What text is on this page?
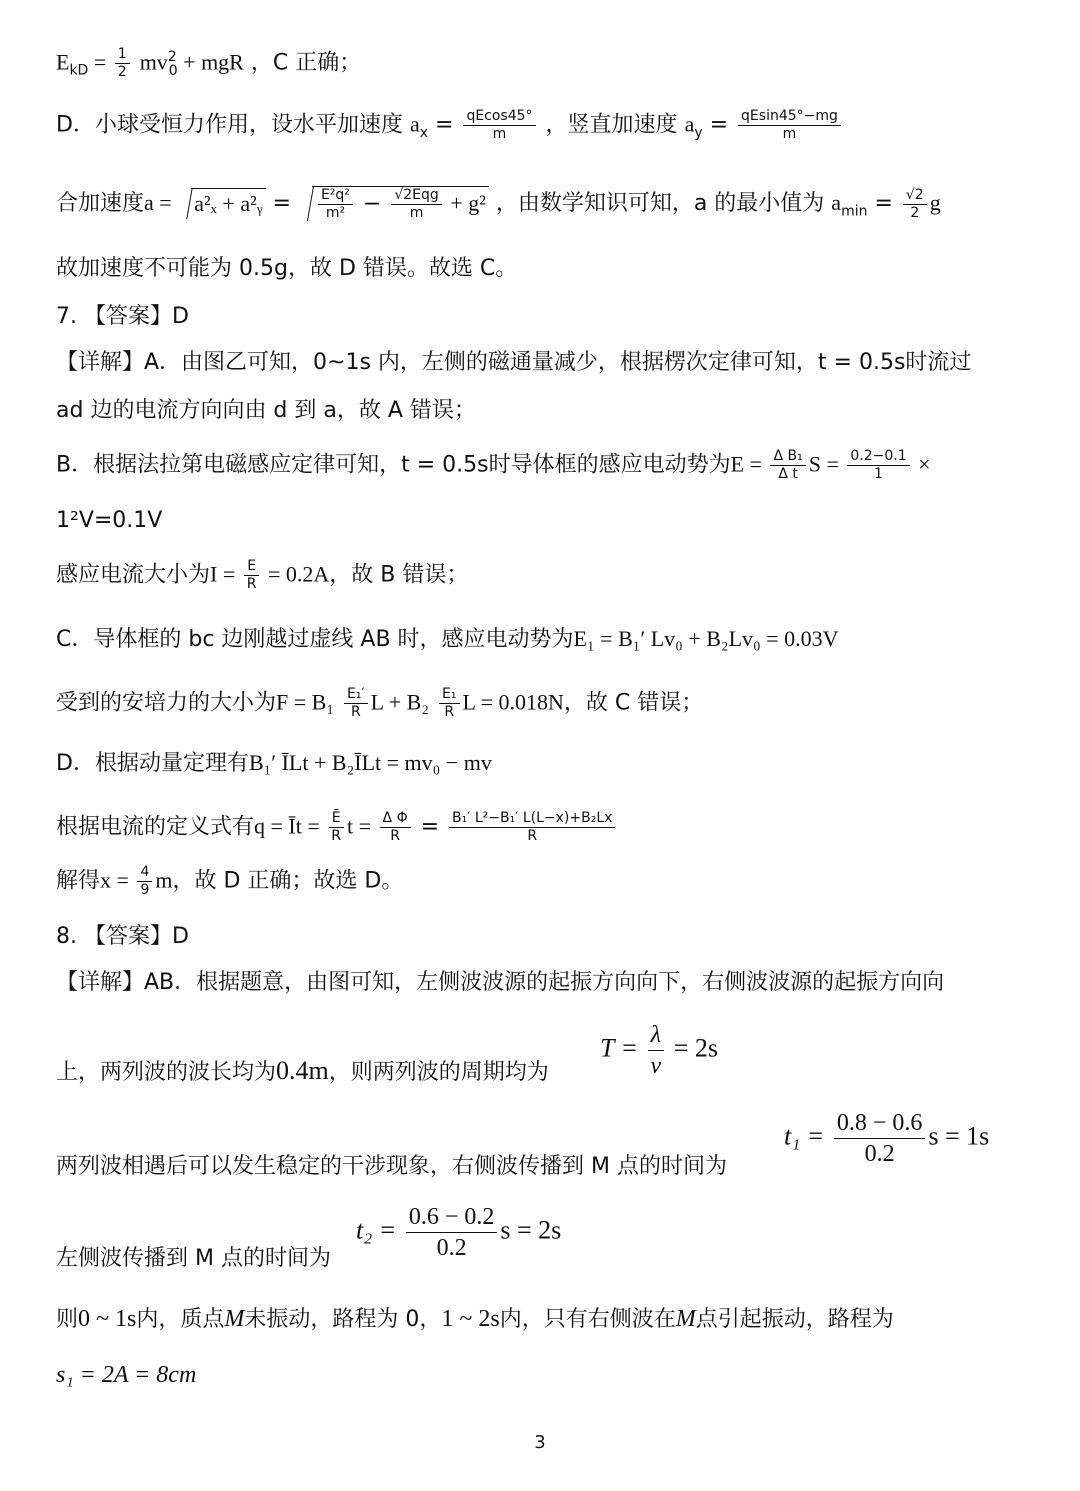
$E_{kD} = \frac{1}{2} mv^2_0$ + mgR ，C 正确；
D．小球受恒力作用，设水平加速度 $a_x = \frac{qEcos45^\circ}{m}$ ，竖直加速度 $a_y = \frac{qEsin45^\circ-mg}{m}$
合加速度a = a²ₓ + a²ᵧ = $\frac{\text{E²q²}}{\text{m²}} - \frac{\text{√2Eqg}}{m} + g^2$ ，由数学知识可知，a 的最小值为 $a_{min} = \frac{√2}{2}$ g
故加速度不可能为 0.5g，故 D 错误。故选 C。
7. 【答案】D
【详解】A．由图乙可知，0~1s 内，左侧的磁通量减少，根据楞次定律可知，t = 0.5s时流过
ad 边的电流方向向由 d 到 a，故 A 错误；
B．根据法拉第电磁感应定律可知，t = 0.5s时导体框的感应电动势为$E = \frac{\text{Δ B₁}}{\text{Δ t}}$ $S = \frac{0.2-0.1}{1}$ ×
1²V=0.1V
感应电流大小为$I = \frac{E}{R} = 0.2A$，故 B 错误；
C．导体框的 bc 边刚越过虚线 AB 时，感应电动势为E₁ = B₁′ Lv₀ + B₂Lv₀ = 0.03V
受到的安培力的大小为$F = B_1 \frac{\text{E₁′}}{R}$ $L + B_2 \frac{\text{E₁}}{R}$ L = 0.018N，故 C 错误；
D．根据动量定理有B₁′ ĪLt + B₂ĪLt = mv₀ − mv
根据电流的定义式有q = Īt = $\frac{Ē}{R}$ $t = \frac{\text{Δ Φ}}{R} = \frac{\text{B₁′ L²−B₁′ L(L−x)+B₂Lx}}{R}$
解得$x = \frac{4}{9}$ m，故 D 正确；故选 D。
8. 【答案】D
【详解】AB．根据题意，由图可知，左侧波波源的起振方向向下，右侧波波源的起振方向向
上，两列波的波长均为0.4m，则两列波的周期均为
$T = \frac{\lambda}{v} = 2s$
两列波相遇后可以发生稳定的干涉现象，右侧波传播到 M 点的时间为
$t_1 = \frac{0.8 - 0.6}{0.2}$ s = 1s
左侧波传播到 M 点的时间为
$t_2 = \frac{0.6 - 0.2}{0.2}$ s = 2s
则0 ~ 1s内，质点M未振动，路程为 0，1 ~ 2s内，只有右侧波在M点引起振动，路程为
s₁ = 2A = 8cm
3
